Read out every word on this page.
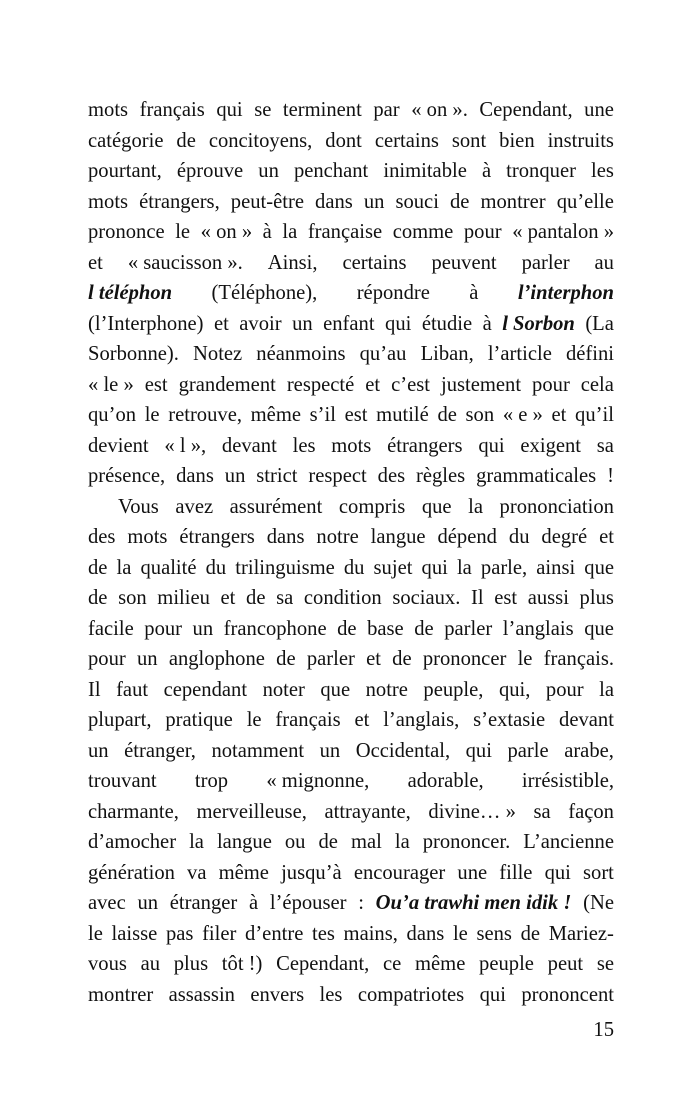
mots français qui se terminent par « on ». Cependant, une
catégorie de concitoyens, dont certains sont bien instruits
pourtant, éprouve un penchant inimitable à tronquer les
mots étrangers, peut-être dans un souci de montrer qu’elle
prononce le « on » à la française comme pour « pantalon »
et « saucisson ». Ainsi, certains peuvent parler au
l téléphon (Téléphone), répondre à l’interphon
(l’Interphone) et avoir un enfant qui étudie à l Sorbon (La
Sorbonne). Notez néanmoins qu’au Liban, l’article défini
« le » est grandement respecté et c’est justement pour cela
qu’on le retrouve, même s’il est mutilé de son « e » et qu’il
devient « l », devant les mots étrangers qui exigent sa
présence, dans un strict respect des règles grammaticales !
Vous avez assurément compris que la prononciation
des mots étrangers dans notre langue dépend du degré et
de la qualité du trilinguisme du sujet qui la parle, ainsi que
de son milieu et de sa condition sociaux. Il est aussi plus
facile pour un francophone de base de parler l’anglais que
pour un anglophone de parler et de prononcer le français.
Il faut cependant noter que notre peuple, qui, pour la
plupart, pratique le français et l’anglais, s’extasie devant
un étranger, notamment un Occidental, qui parle arabe,
trouvant trop « mignonne, adorable, irrésistible,
charmante, merveilleuse, attrayante, divine… » sa façon
d’amocher la langue ou de mal la prononcer. L’ancienne
génération va même jusqu’à encourager une fille qui sort
avec un étranger à l’épouser : Ou’a trawhi men idik ! (Ne
le laisse pas filer d’entre tes mains, dans le sens de Mariez-
vous au plus tôt !) Cependant, ce même peuple peut se
montrer assassin envers les compatriotes qui prononcent
15
